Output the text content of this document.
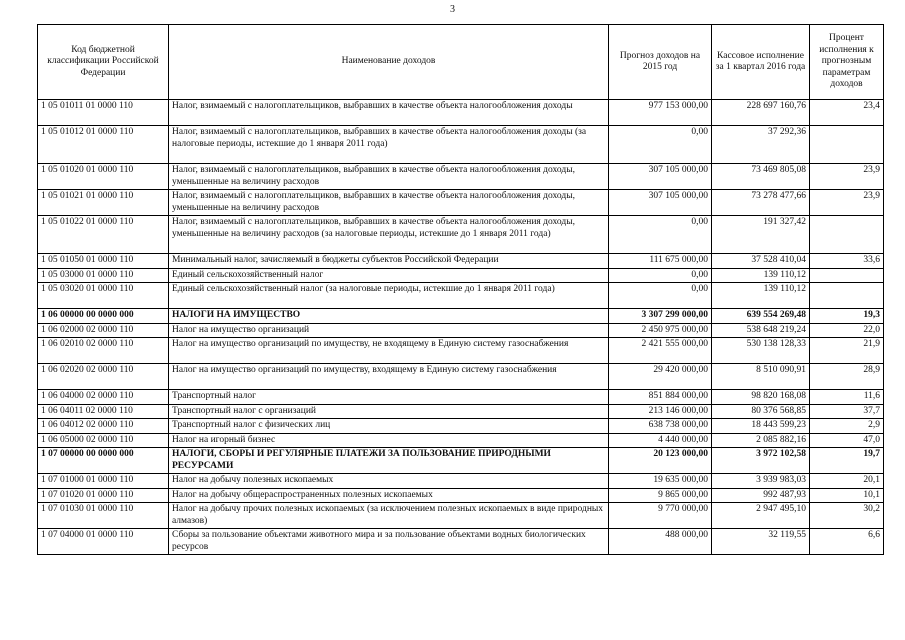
3
Код бюджетной классификации Российской Федерации	Наименование доходов	Прогноз доходов на 2015 год	Кассовое исполнение за 1 квартал 2016 года	Процент исполнения к прогнозным параметрам доходов
1 05 01011 01 0000 110	Налог, взимаемый с налогоплательщиков, выбравших в качестве объекта налогообложения доходы	977 153 000,00	228 697 160,76	23,4
1 05 01012 01 0000 110	Налог, взимаемый с налогоплательщиков, выбравших в качестве объекта налогообложения доходы (за налоговые периоды, истекшие до 1 января 2011 года)	0,00	37 292,36	
1 05 01020 01 0000 110	Налог, взимаемый с налогоплательщиков, выбравших в качестве объекта налогообложения доходы, уменьшенные на величину расходов	307 105 000,00	73 469 805,08	23,9
1 05 01021 01 0000 110	Налог, взимаемый с налогоплательщиков, выбравших в качестве объекта налогообложения доходы, уменьшенные на величину расходов	307 105 000,00	73 278 477,66	23,9
1 05 01022 01 0000 110	Налог, взимаемый с налогоплательщиков, выбравших в качестве объекта налогообложения доходы, уменьшенные на величину расходов (за налоговые периоды, истекшие до 1 января 2011 года)	0,00	191 327,42	
1 05 01050 01 0000 110	Минимальный налог, зачисляемый в бюджеты субъектов Российской Федерации	111 675 000,00	37 528 410,04	33,6
1 05 03000 01 0000 110	Единый сельскохозяйственный налог	0,00	139 110,12	
1 05 03020 01 0000 110	Единый сельскохозяйственный налог (за налоговые периоды, истекшие до 1 января 2011 года)	0,00	139 110,12	
1 06 00000 00 0000 000	НАЛОГИ НА ИМУЩЕСТВО	3 307 299 000,00	639 554 269,48	19,3
1 06 02000 02 0000 110	Налог на имущество организаций	2 450 975 000,00	538 648 219,24	22,0
1 06 02010 02 0000 110	Налог на имущество организаций по имуществу, не входящему в Единую систему газоснабжения	2 421 555 000,00	530 138 128,33	21,9
1 06 02020 02 0000 110	Налог на имущество организаций по имуществу, входящему в Единую систему газоснабжения	29 420 000,00	8 510 090,91	28,9
1 06 04000 02 0000 110	Транспортный налог	851 884 000,00	98 820 168,08	11,6
1 06 04011 02 0000 110	Транспортный налог с организаций	213 146 000,00	80 376 568,85	37,7
1 06 04012 02 0000 110	Транспортный налог с физических лиц	638 738 000,00	18 443 599,23	2,9
1 06 05000 02 0000 110	Налог на игорный бизнес	4 440 000,00	2 085 882,16	47,0
1 07 00000 00 0000 000	НАЛОГИ, СБОРЫ И РЕГУЛЯРНЫЕ ПЛАТЕЖИ ЗА ПОЛЬЗОВАНИЕ ПРИРОДНЫМИ РЕСУРСАМИ	20 123 000,00	3 972 102,58	19,7
1 07 01000 01 0000 110	Налог на добычу полезных ископаемых	19 635 000,00	3 939 983,03	20,1
1 07 01020 01 0000 110	Налог на добычу общераспространенных полезных ископаемых	9 865 000,00	992 487,93	10,1
1 07 01030 01 0000 110	Налог на добычу прочих полезных ископаемых (за исключением полезных ископаемых в виде природных алмазов)	9 770 000,00	2 947 495,10	30,2
1 07 04000 01 0000 110	Сборы за пользование объектами животного мира и за пользование объектами водных биологических ресурсов	488 000,00	32 119,55	6,6
